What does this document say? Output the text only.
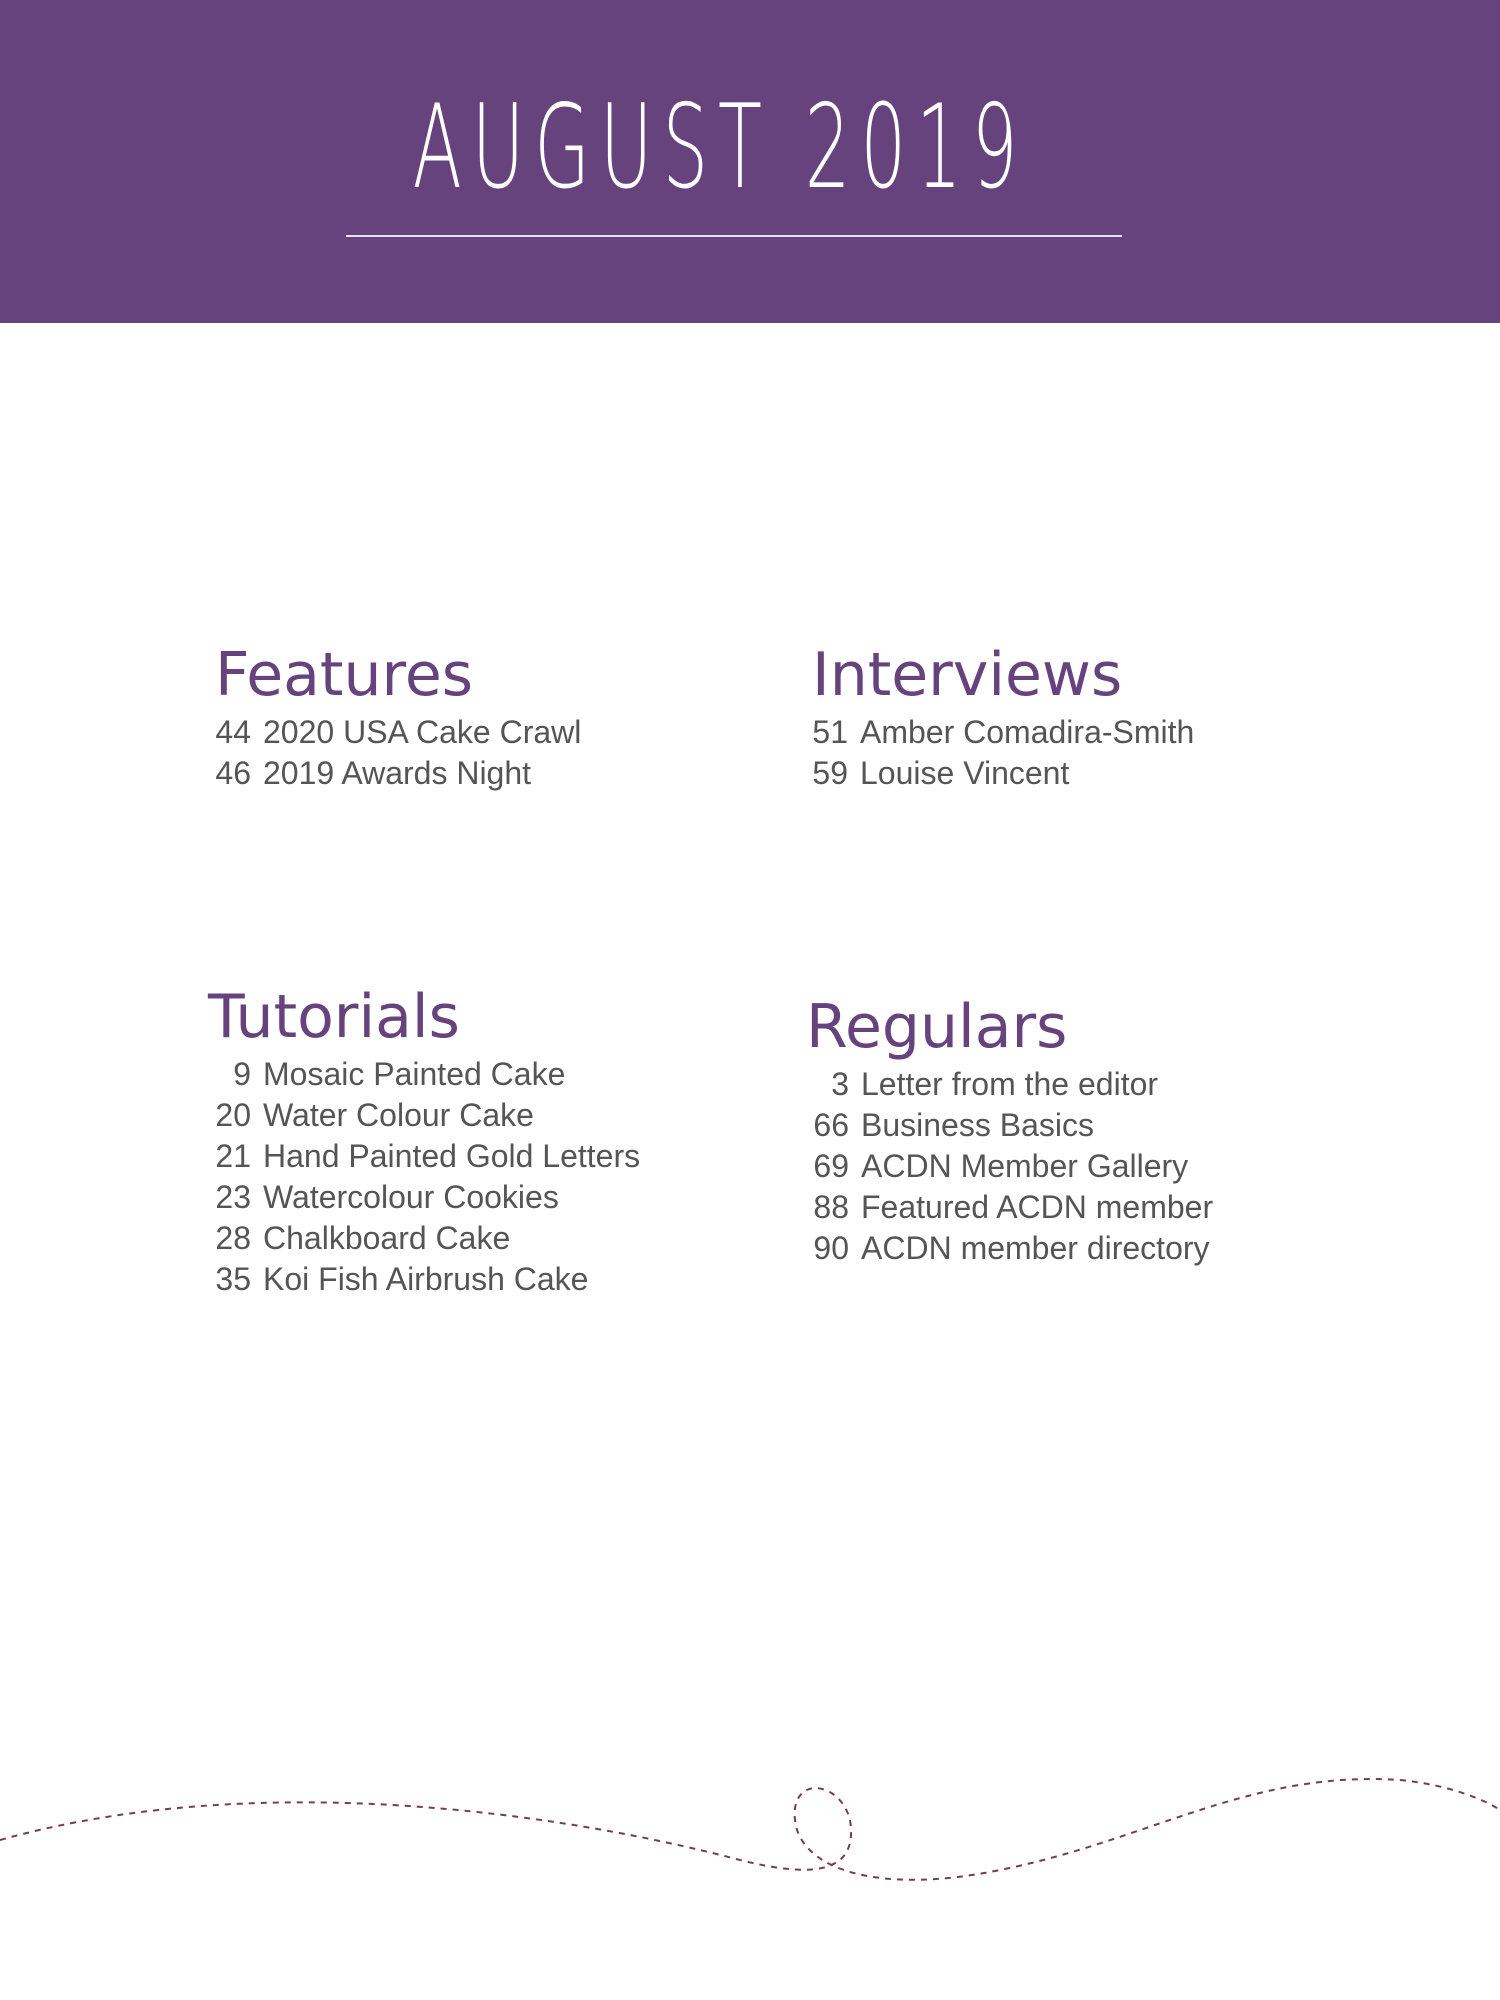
AUGUST 2019
Features
44 2020 USA Cake Crawl
46 2019 Awards Night
Interviews
51 Amber Comadira-Smith
59 Louise Vincent
Tutorials
9 Mosaic Painted Cake
20 Water Colour Cake
21 Hand Painted Gold Letters
23 Watercolour Cookies
28 Chalkboard Cake
35 Koi Fish Airbrush Cake
Regulars
3 Letter from the editor
66 Business Basics
69 ACDN Member Gallery
88 Featured ACDN member
90 ACDN member directory
